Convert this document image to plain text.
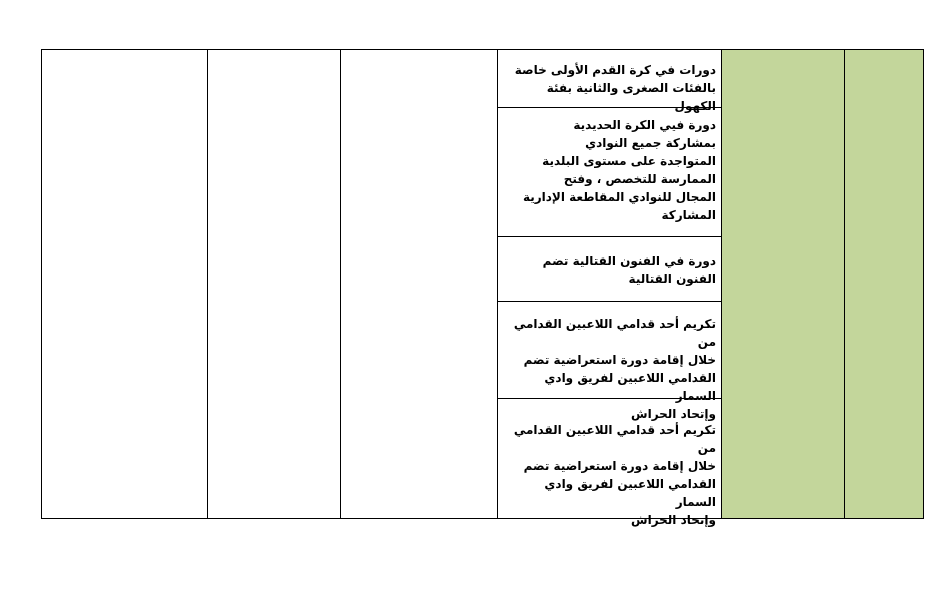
دورات في كرة القدم الأولى خاصة
بالفئات الصغرى والثانية بفئة الكهول

دورة فيي الكرة الحديدية
بمشاركة جميع النوادي
المتواجدة على مستوى البلدية
الممارسة للتخصص ، وفتح
المجال للنوادي المقاطعة الإدارية
المشاركة

دورة في الفنون القتالية تضم
الفنون القتالية

تكريم أحد قدامي اللاعبين القدامي من
خلال إقامة دورة استعراضية تضم
القدامي اللاعبين لفريق وادي السمار
وإتحاد الحراش

تكريم أحد قدامي اللاعبين القدامي من
خلال إقامة دورة استعراضية تضم
القدامي اللاعبين لفريق وادي السمار
وإتحاد الحراش
